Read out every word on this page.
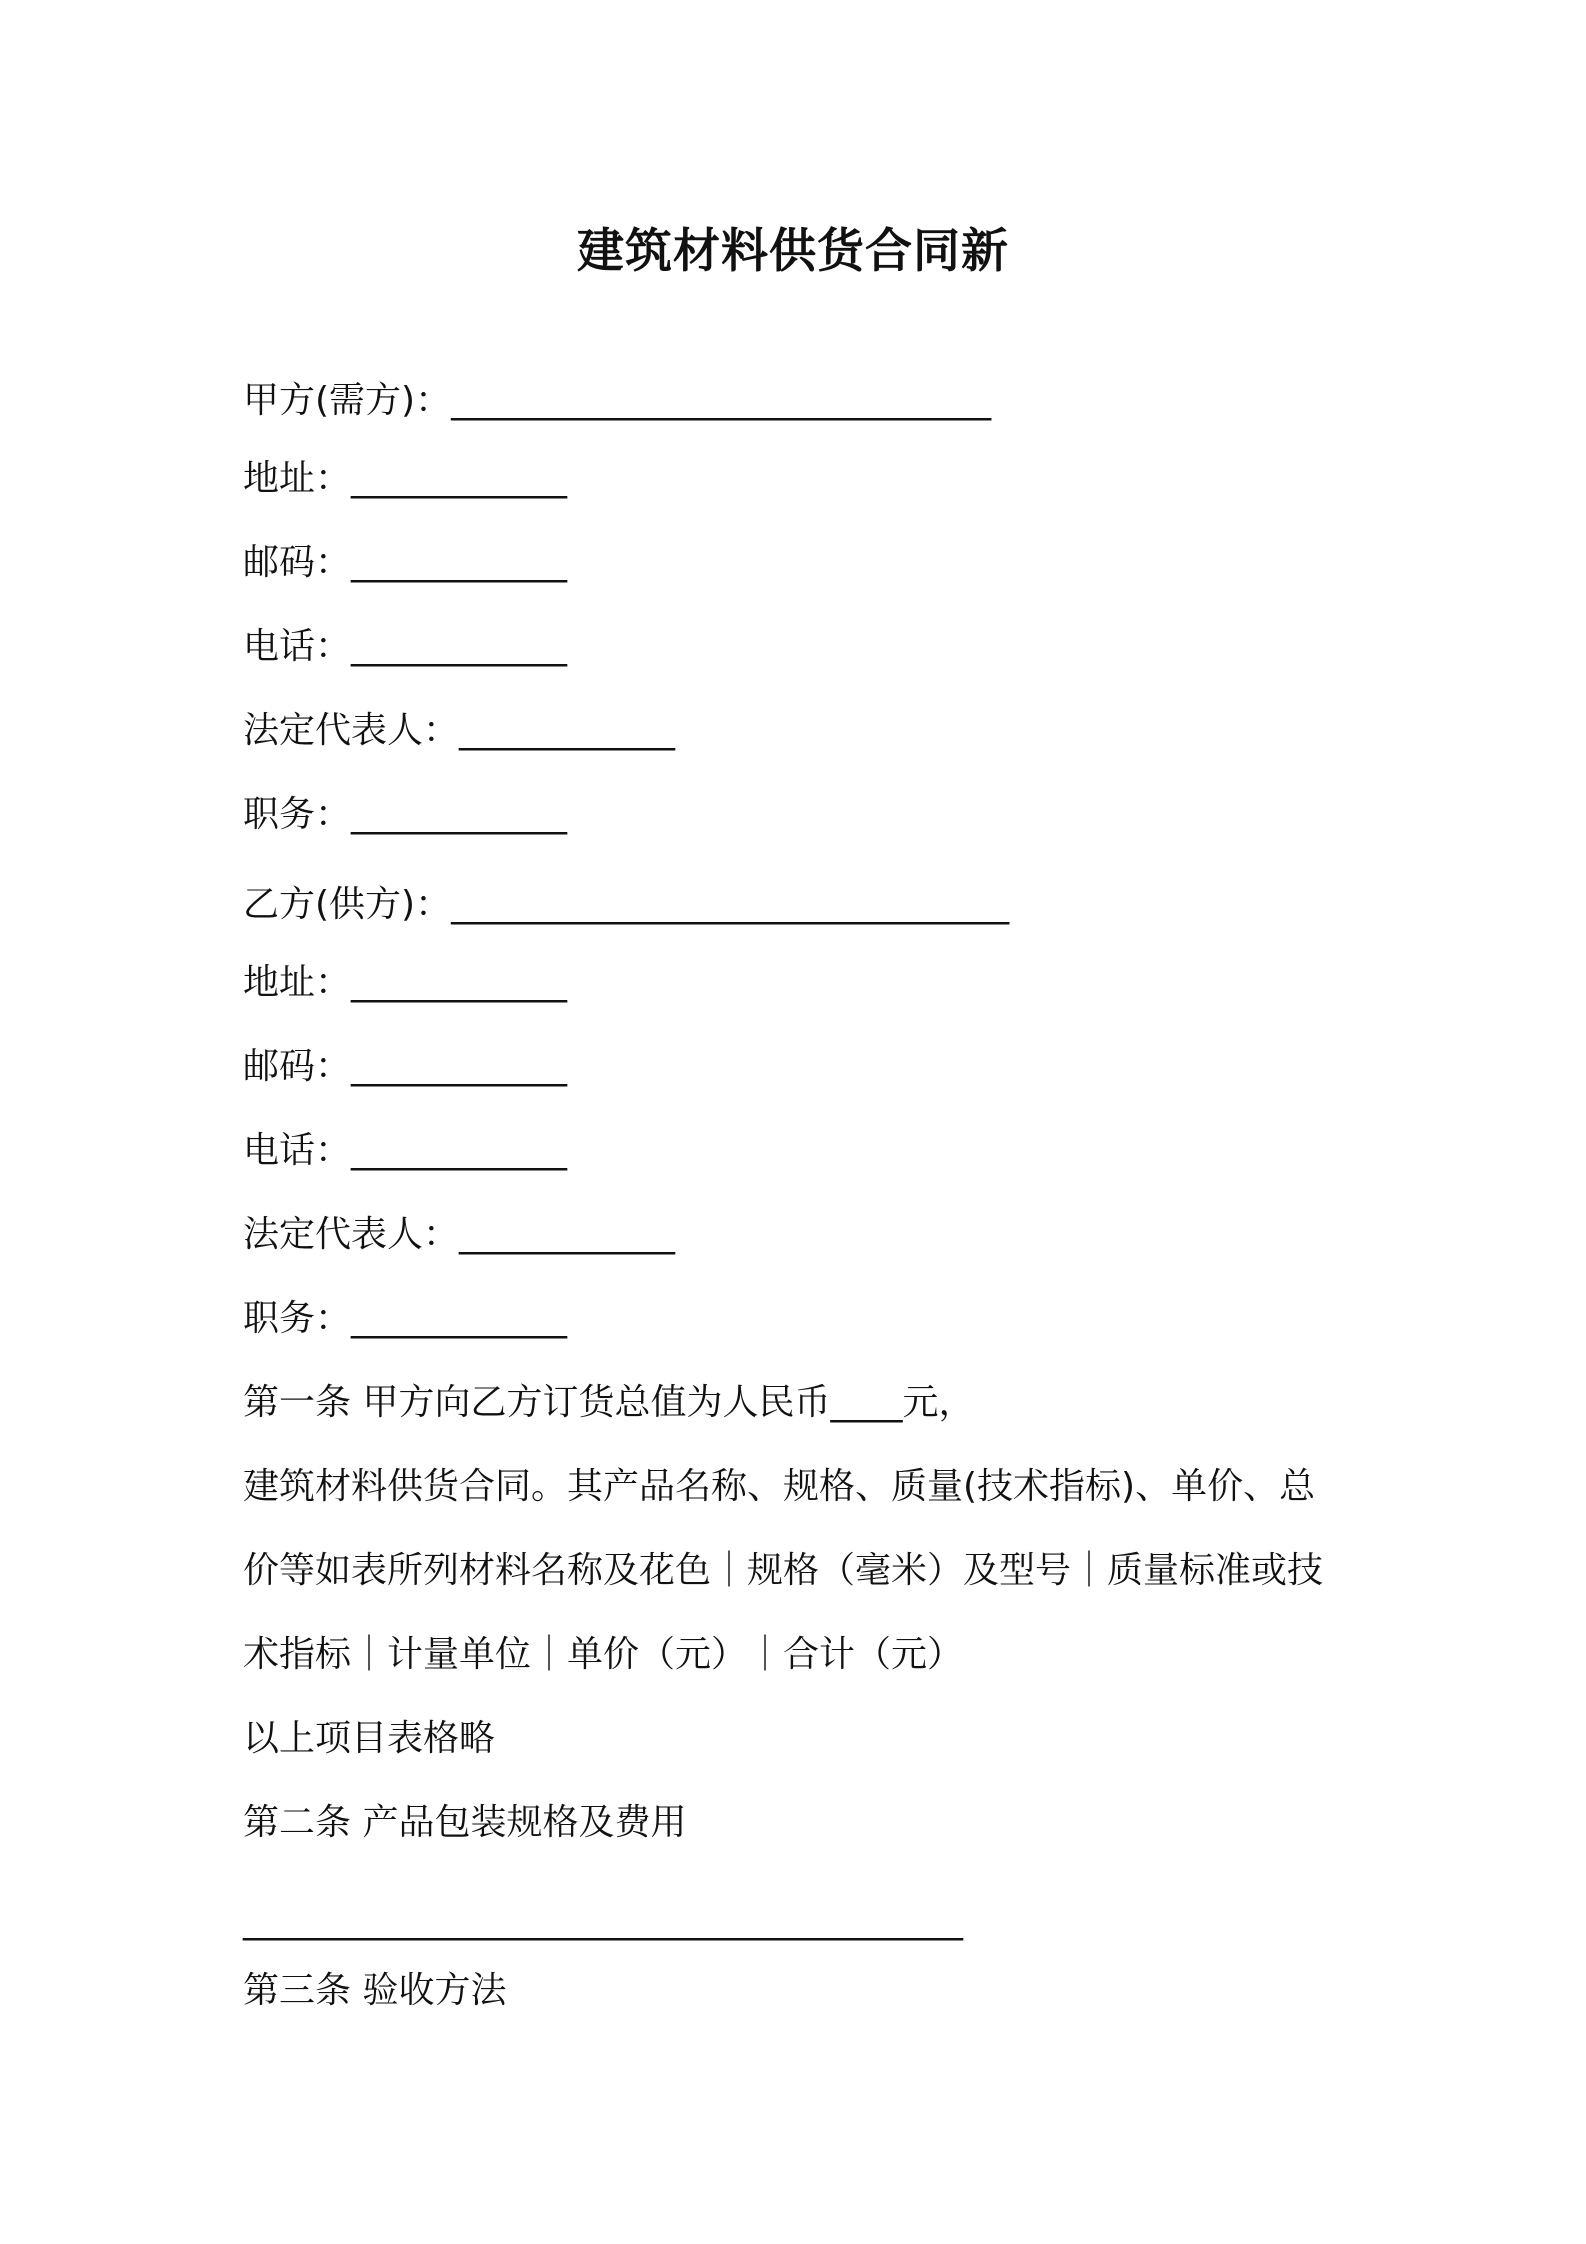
建筑材料供货合同新
甲方(需方)：______________________________
地址：____________
邮码：____________
电话：____________
法定代表人：____________
职务：____________
乙方(供方)：_______________________________
地址：____________
邮码：____________
电话：____________
法定代表人：____________
职务：____________
第一条 甲方向乙方订货总值为人民币____元，
建筑材料供货合同。其产品名称、规格、质量(技术指标)、单价、总
价等如表所列材料名称及花色｜规格（毫米）及型号｜质量标准或技
术指标｜计量单位｜单价（元）｜合计（元）
以上项目表格略
第二条 产品包装规格及费用
________________________________________
第三条 验收方法
